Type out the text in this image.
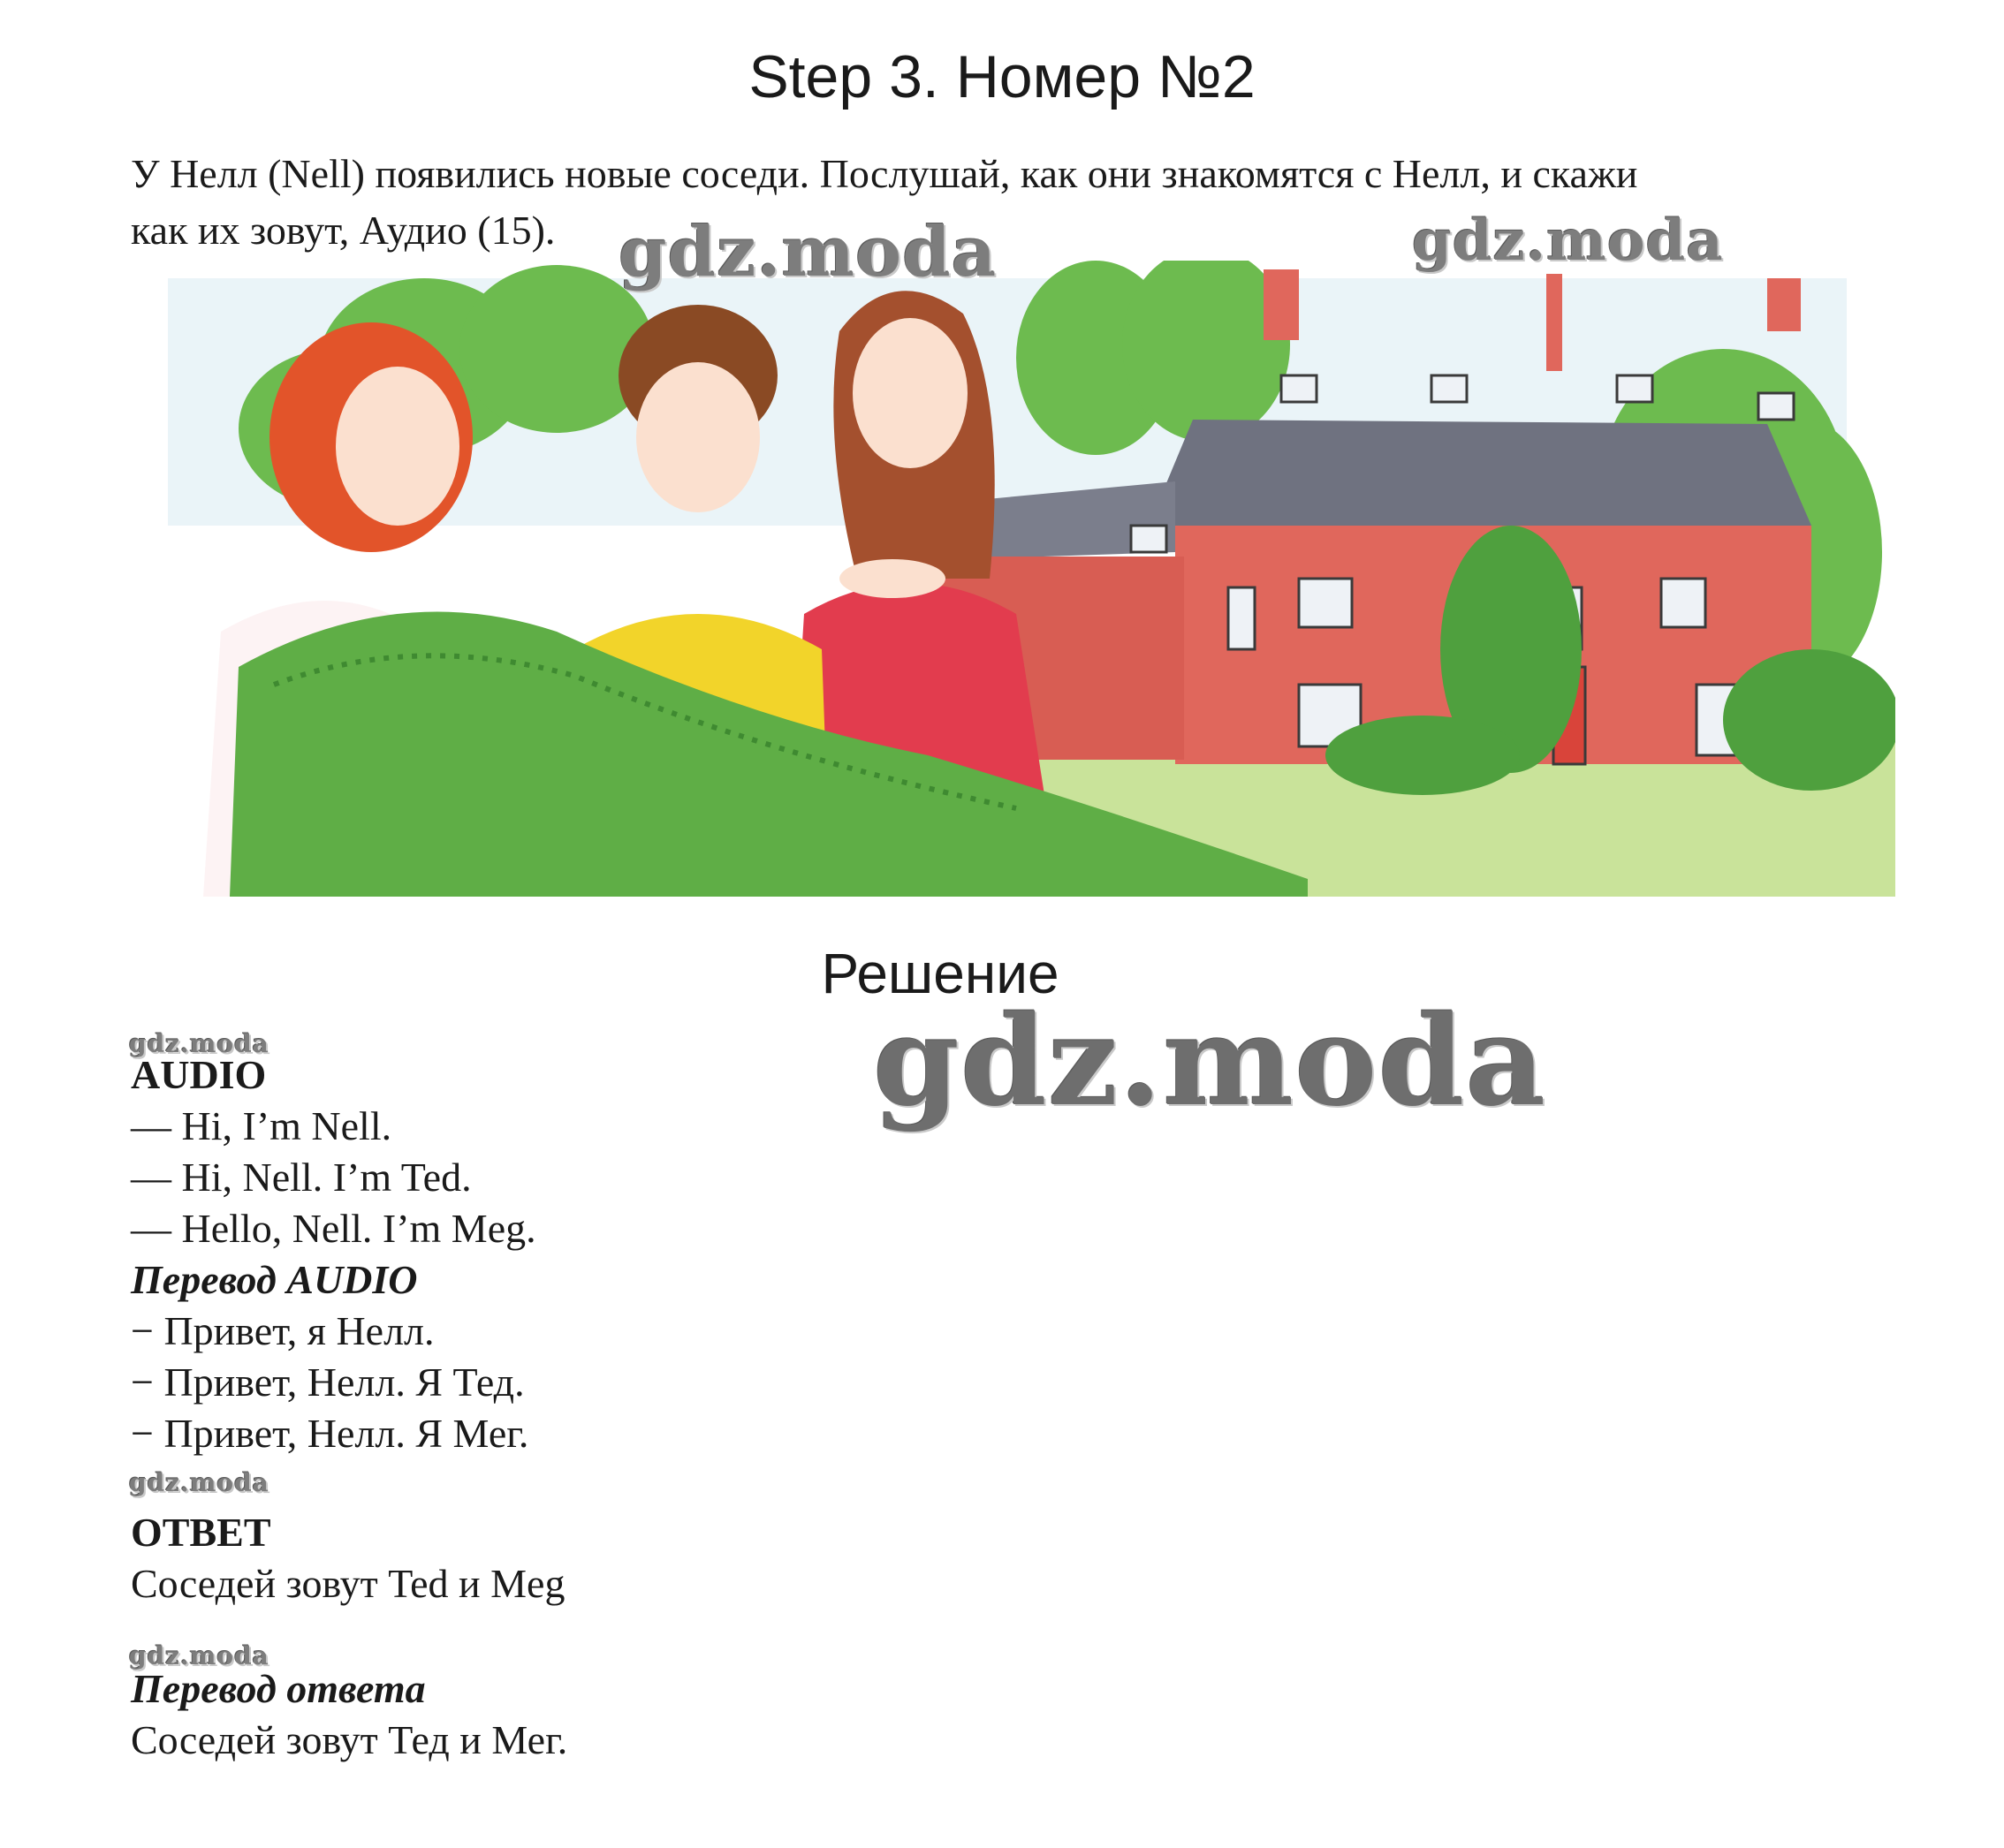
Step 3. Номер №2
У Нелл (Nell) появились новые соседи. Послушай, как они знакомятся с Нелл, и скажи
как их зовут, Аудио (15). gdz.moda	gdz.moda
Решение
gdz.moda
gdz.moda
AUDIO
— Hi, I’m Nell.
— Hi, Nell. I’m Ted.
— Hello, Nell. I’m Meg.
Перевод AUDIO
− Привет, я Нелл.
− Привет, Нелл. Я Тед.
− Привет, Нелл. Я Мег.
gdz.moda
ОТВЕТ
Соседей зовут Ted и Meg
gdz.moda
Перевод ответа
Соседей зовут Тед и Мег.
